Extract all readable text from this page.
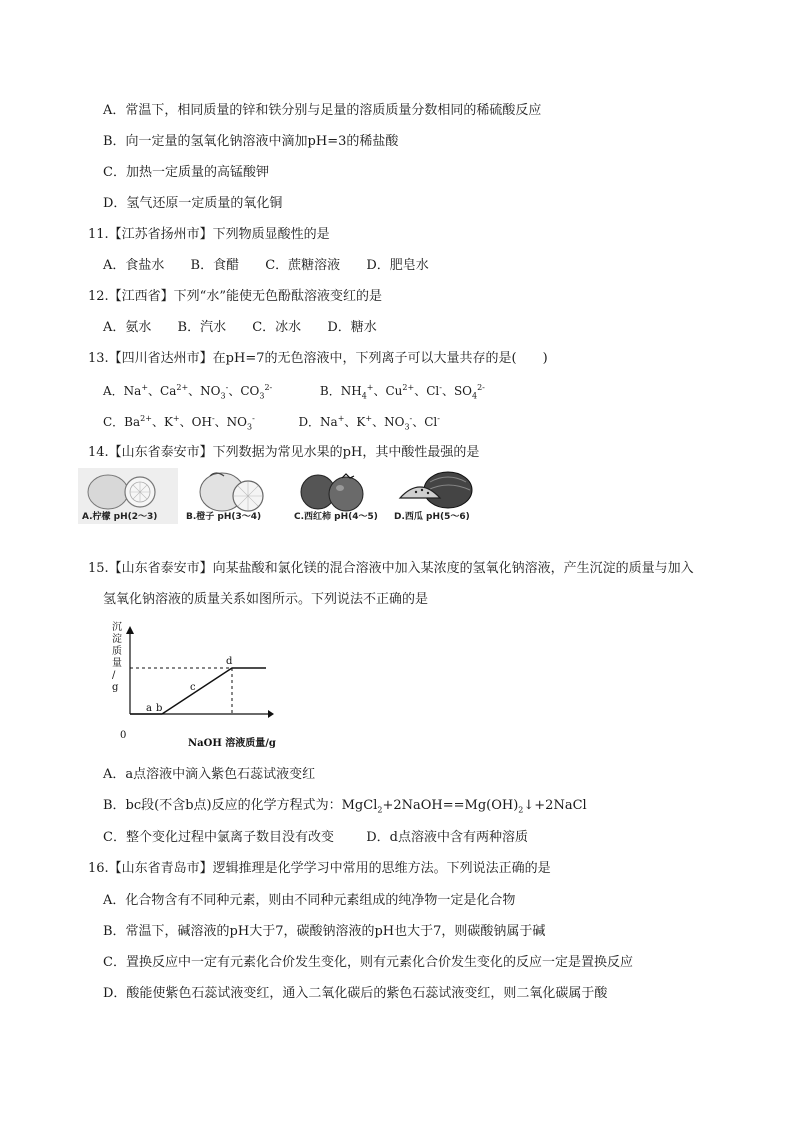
A．常温下，相同质量的锌和铁分别与足量的溶质质量分数相同的稀硫酸反应
B．向一定量的氢氧化钠溶液中滴加pH=3的稀盐酸
C．加热一定质量的高锰酸钾
D．氢气还原一定质量的氧化铜
11.【江苏省扬州市】下列物质显酸性的是
A．食盐水 B．食醋 C．蔗糖溶液 D．肥皂水
12.【江西省】下列“水”能使无色酚酞溶液变红的是
A．氨水 B．汽水 C．冰水 D．糖水
13.【四川省达州市】在pH=7的无色溶液中，下列离子可以大量共存的是(　　)
A．Na+、$Ca^{2+}$、$NO_3^-$、$CO_3^{2-}$	B．$NH_4^+$、$Cu^{2+}$、Cl-、$SO_4^{2-}$
C．$Ba^{2+}$、K+、OH-、$NO_3^-$	D．Na+、K+、$NO_3^-$、Cl-
14.【山东省泰安市】下列数据为常见水果的pH，其中酸性最强的是
A.柠檬 pH(2～3)	B.橙子 pH(3～4)	C.西红柿 pH(4～5) D.西瓜 pH(5～6)
15.【山东省泰安市】向某盐酸和氯化镁的混合溶液中加入某浓度的氢氧化钠溶液，产生沉淀的质量与加入
氢氧化钠溶液的质量关系如图所示。下列说法不正确的是
沉淀质量/ g
a b
c
d
0
NaOH 溶液质量/g
A．a点溶液中滴入紫色石蕊试液变红
B．bc段(不含b点)反应的化学方程式为：$MgCl_2+2NaOH==Mg(OH)_2↓+2NaCl$
C．整个变化过程中氯离子数目没有改变 D．d点溶液中含有两种溶质
16.【山东省青岛市】逻辑推理是化学学习中常用的思维方法。下列说法正确的是
A．化合物含有不同种元素，则由不同种元素组成的纯净物一定是化合物
B．常温下，碱溶液的pH大于7，碳酸钠溶液的pH也大于7，则碳酸钠属于碱
C．置换反应中一定有元素化合价发生变化，则有元素化合价发生变化的反应一定是置换反应
D．酸能使紫色石蕊试液变红，通入二氧化碳后的紫色石蕊试液变红，则二氧化碳属于酸
